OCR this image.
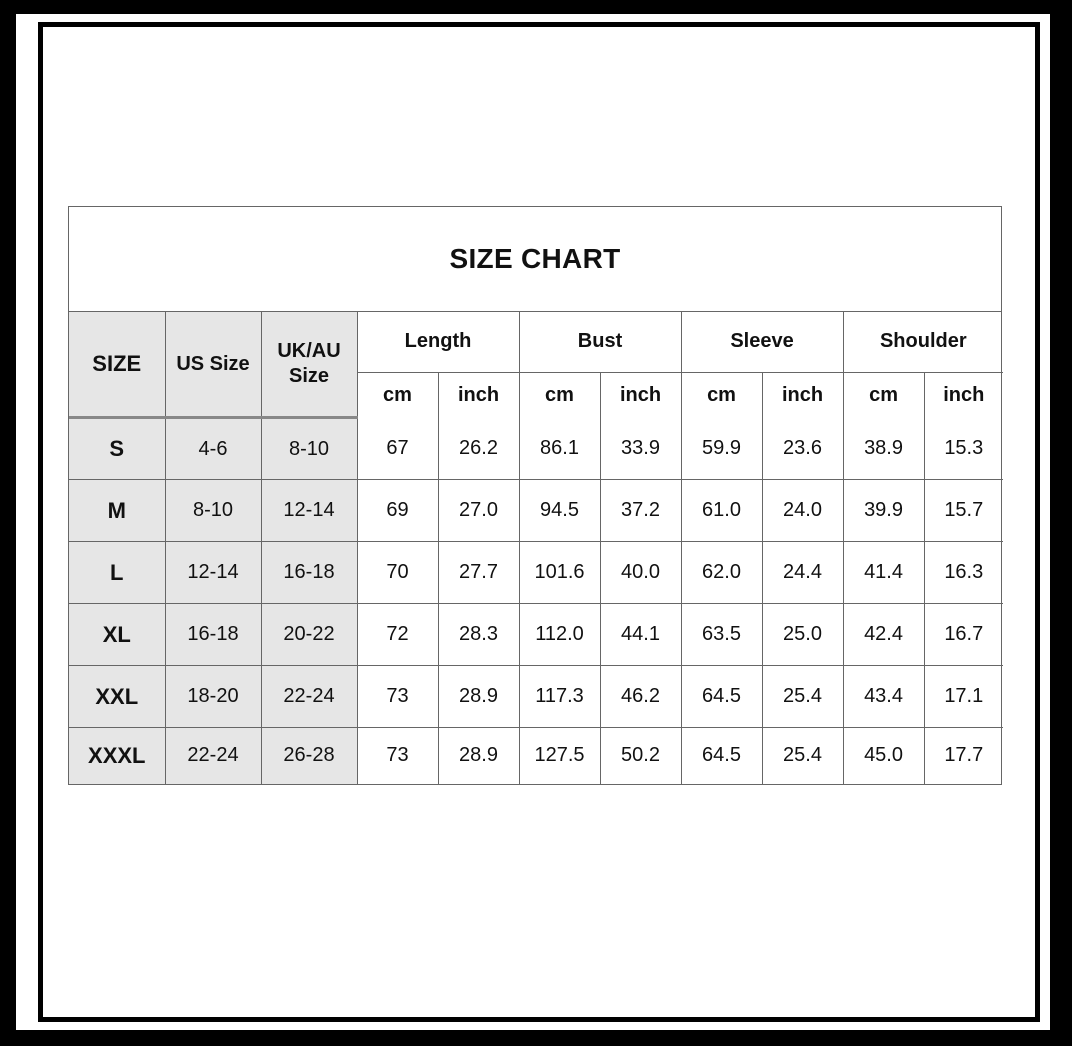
SIZE CHART
SIZE	US Size	UK/AU Size	Length		Bust		Sleeve		Shoulder	
			cm	inch	cm	inch	cm	inch	cm	inch
S	4-6	8-10	67	26.2	86.1	33.9	59.9	23.6	38.9	15.3
M	8-10	12-14	69	27.0	94.5	37.2	61.0	24.0	39.9	15.7
L	12-14	16-18	70	27.7	101.6	40.0	62.0	24.4	41.4	16.3
XL	16-18	20-22	72	28.3	112.0	44.1	63.5	25.0	42.4	16.7
XXL	18-20	22-24	73	28.9	117.3	46.2	64.5	25.4	43.4	17.1
XXXL	22-24	26-28	73	28.9	127.5	50.2	64.5	25.4	45.0	17.7
